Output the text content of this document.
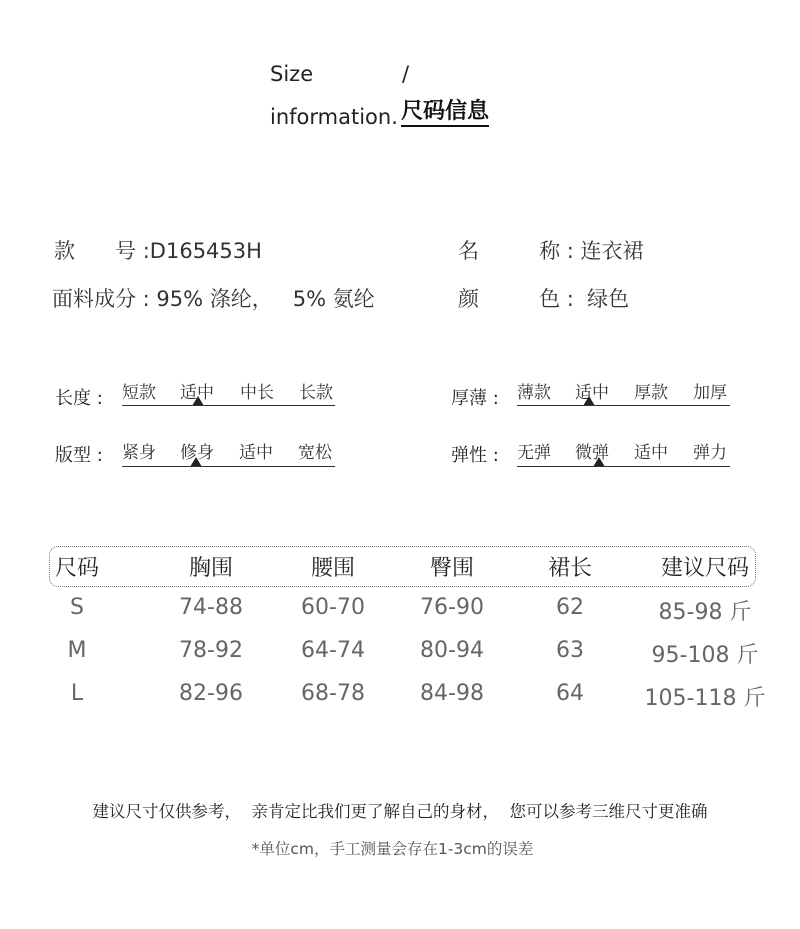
Size	/
information. 尺码信息
款      号 :D165453H	名         称 : 连衣裙
面料成分 : 95% 涤纶，   5% 氨纶	颜         色 :  绿色
长度 : 短款 适中 中长 长款	厚薄 : 薄款 适中 厚款 加厚
版型 : 紧身 修身 适中 宽松	弹性 : 无弹 微弹 适中 弹力
尺码	胸围	腰围	臀围	裙长	建议尺码
S	74-88	60-70	76-90	62	85-98 斤
M	78-92	64-74	80-94	63	95-108 斤
L	82-96	68-78	84-98	64	105-118 斤
建议尺寸仅供参考，  亲肯定比我们更了解自己的身材，  您可以参考三维尺寸更准确
*单位cm，手工测量会存在1-3cm的误差
